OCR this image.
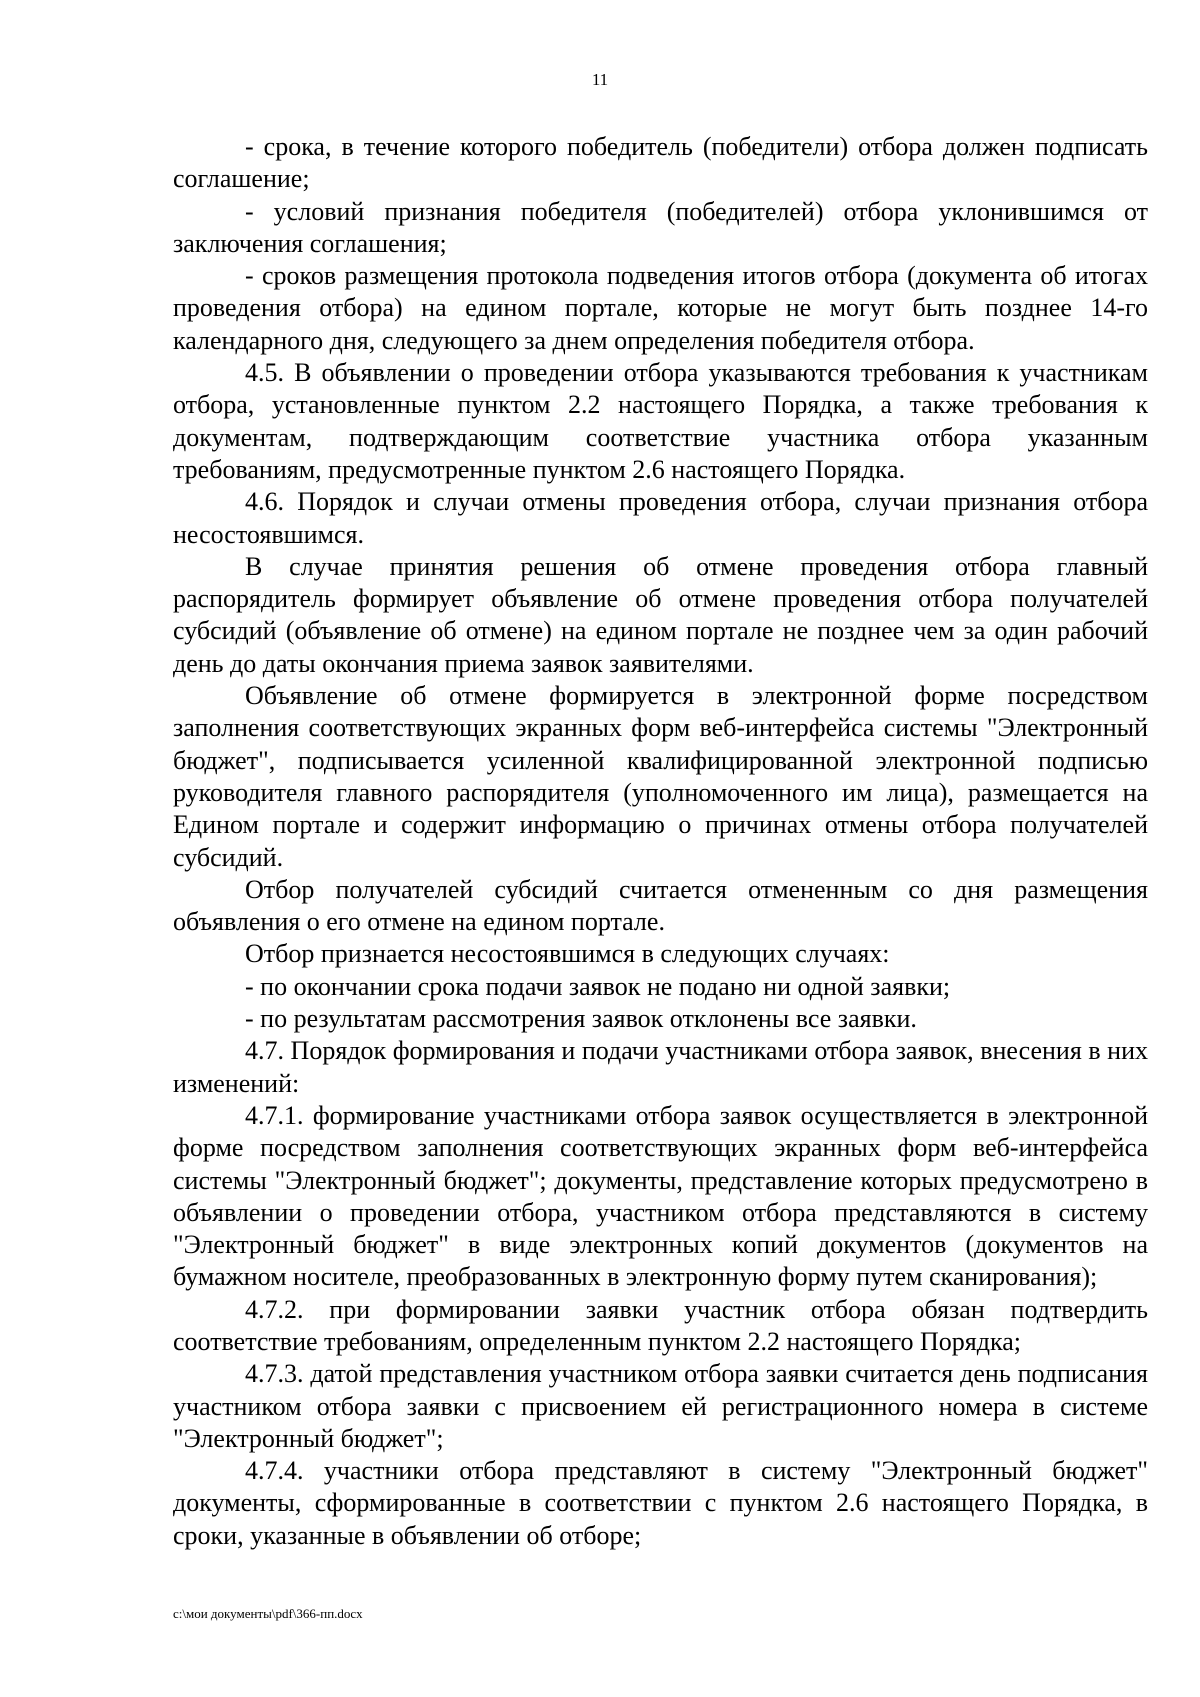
11

- срока, в течение которого победитель (победители) отбора должен подписать соглашение;

- условий признания победителя (победителей) отбора уклонившимся от заключения соглашения;

- сроков размещения протокола подведения итогов отбора (документа об итогах проведения отбора) на едином портале, которые не могут быть позднее 14-го календарного дня, следующего за днем определения победителя отбора.

4.5. В объявлении о проведении отбора указываются требования к участникам отбора, установленные пунктом 2.2 настоящего Порядка, а также требования к документам, подтверждающим соответствие участника отбора указанным требованиям, предусмотренные пунктом 2.6 настоящего Порядка.

4.6. Порядок и случаи отмены проведения отбора, случаи признания отбора несостоявшимся.

В случае принятия решения об отмене проведения отбора главный распорядитель формирует объявление об отмене проведения отбора получателей субсидий (объявление об отмене) на едином портале не позднее чем за один рабочий день до даты окончания приема заявок заявителями.

Объявление об отмене формируется в электронной форме посредством заполнения соответствующих экранных форм веб-интерфейса системы "Электронный бюджет", подписывается усиленной квалифицированной электронной подписью руководителя главного распорядителя (уполномоченного им лица), размещается на Едином портале и содержит информацию о причинах отмены отбора получателей субсидий.

Отбор получателей субсидий считается отмененным со дня размещения объявления о его отмене на едином портале.

Отбор признается несостоявшимся в следующих случаях:

- по окончании срока подачи заявок не подано ни одной заявки;

- по результатам рассмотрения заявок отклонены все заявки.

4.7. Порядок формирования и подачи участниками отбора заявок, внесения в них изменений:

4.7.1. формирование участниками отбора заявок осуществляется в электронной форме посредством заполнения соответствующих экранных форм веб-интерфейса системы "Электронный бюджет"; документы, представление которых предусмотрено в объявлении о проведении отбора, участником отбора представляются в систему "Электронный бюджет" в виде электронных копий документов (документов на бумажном носителе, преобразованных в электронную форму путем сканирования);

4.7.2. при формировании заявки участник отбора обязан подтвердить соответствие требованиям, определенным пунктом 2.2 настоящего Порядка;

4.7.3. датой представления участником отбора заявки считается день подписания участником отбора заявки с присвоением ей регистрационного номера в системе "Электронный бюджет";

4.7.4. участники отбора представляют в систему "Электронный бюджет" документы, сформированные в соответствии с пунктом 2.6 настоящего Порядка, в сроки, указанные в объявлении об отборе;

c:\мои документы\pdf\366-пп.docx
